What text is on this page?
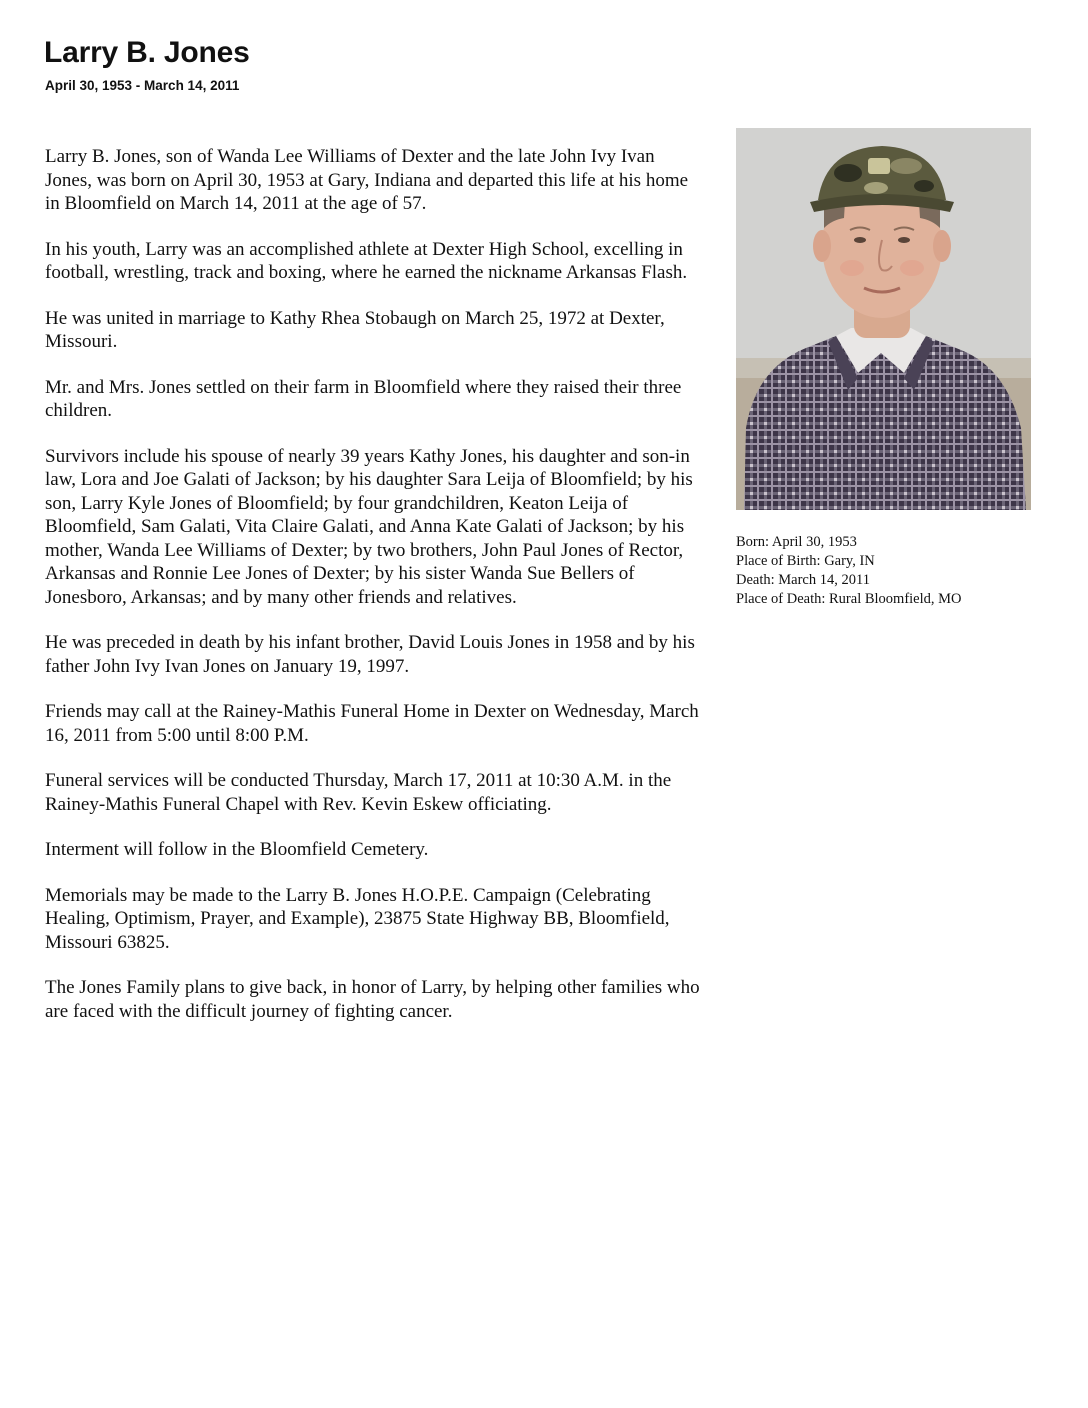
Larry B. Jones
April 30, 1953 - March 14, 2011

Larry B. Jones, son of Wanda Lee Williams of Dexter and the late John Ivy Ivan Jones, was born on April 30, 1953 at Gary, Indiana and departed this life at his home in Bloomfield on March 14, 2011 at the age of 57.

In his youth, Larry was an accomplished athlete at Dexter High School, excelling in football, wrestling, track and boxing, where he earned the nickname Arkansas Flash.

He was united in marriage to Kathy Rhea Stobaugh on March 25, 1972 at Dexter, Missouri.

Mr. and Mrs. Jones settled on their farm in Bloomfield where they raised their three children.

Survivors include his spouse of nearly 39 years Kathy Jones, his daughter and son-in law, Lora and Joe Galati of Jackson; by his daughter Sara Leija of Bloomfield; by his son, Larry Kyle Jones of Bloomfield; by four grandchildren, Keaton Leija of Bloomfield, Sam Galati, Vita Claire Galati, and Anna Kate Galati of Jackson; by his mother, Wanda Lee Williams of Dexter; by two brothers, John Paul Jones of Rector, Arkansas and Ronnie Lee Jones of Dexter; by his sister Wanda Sue Bellers of Jonesboro, Arkansas; and by many other friends and relatives.

He was preceded in death by his infant brother, David Louis Jones in 1958 and by his father John Ivy Ivan Jones on January 19, 1997.

Friends may call at the Rainey-Mathis Funeral Home in Dexter on Wednesday, March 16, 2011 from 5:00 until 8:00 P.M.

Funeral services will be conducted Thursday, March 17, 2011 at 10:30 A.M. in the Rainey-Mathis Funeral Chapel with Rev. Kevin Eskew officiating.

Interment will follow in the Bloomfield Cemetery.

Memorials may be made to the Larry B. Jones H.O.P.E. Campaign (Celebrating Healing, Optimism, Prayer, and Example), 23875 State Highway BB, Bloomfield, Missouri 63825.

The Jones Family plans to give back, in honor of Larry, by helping other families who are faced with the difficult journey of fighting cancer.

Born: April 30, 1953
Place of Birth: Gary, IN
Death: March 14, 2011
Place of Death: Rural Bloomfield, MO
